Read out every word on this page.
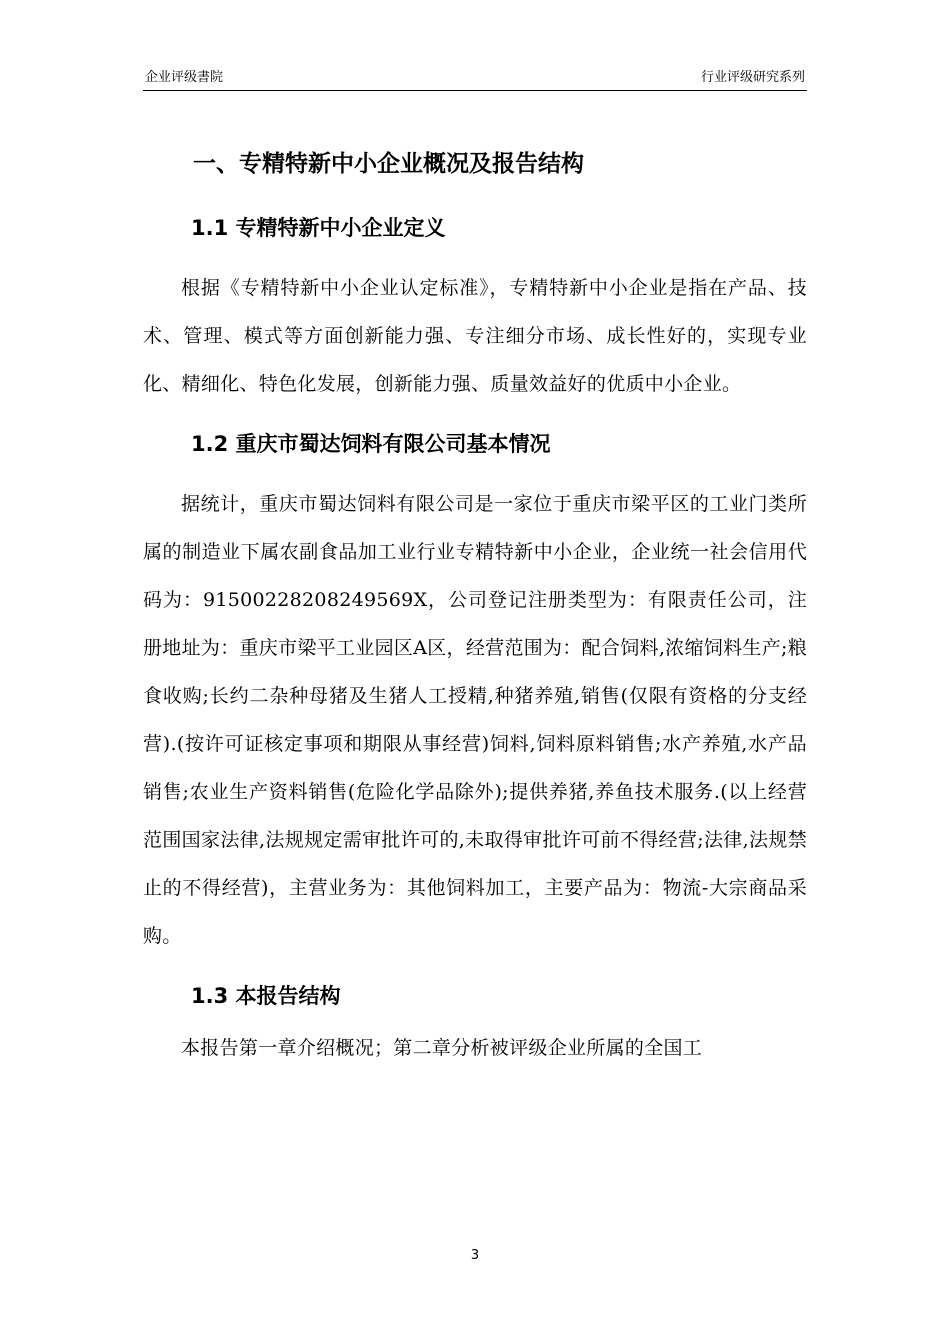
企业评级書院	行业评级研究系列
一、专精特新中小企业概况及报告结构
1.1 专精特新中小企业定义

根据《专精特新中小企业认定标准》，专精特新中小企业是指在产品、技术、管理、模式等方面创新能力强、专注细分市场、成长性好的，实现专业化、精细化、特色化发展，创新能力强、质量效益好的优质中小企业。

1.2 重庆市蜀达饲料有限公司基本情况

据统计，重庆市蜀达饲料有限公司是一家位于重庆市梁平区的工业门类所属的制造业下属农副食品加工业行业专精特新中小企业，企业统一社会信用代码为：91500228208249569X，公司登记注册类型为：有限责任公司，注册地址为：重庆市梁平工业园区A区，经营范围为：配合饲料,浓缩饲料生产;粮食收购;长约二杂种母猪及生猪人工授精,种猪养殖,销售(仅限有资格的分支经营).(按许可证核定事项和期限从事经营)饲料,饲料原料销售;水产养殖,水产品销售;农业生产资料销售(危险化学品除外);提供养猪,养鱼技术服务.(以上经营范围国家法律,法规规定需审批许可的,未取得审批许可前不得经营;法律,法规禁止的不得经营)，主营业务为：其他饲料加工，主要产品为：物流-大宗商品采购。

1.3 本报告结构

本报告第一章介绍概况；第二章分析被评级企业所属的全国工

3
